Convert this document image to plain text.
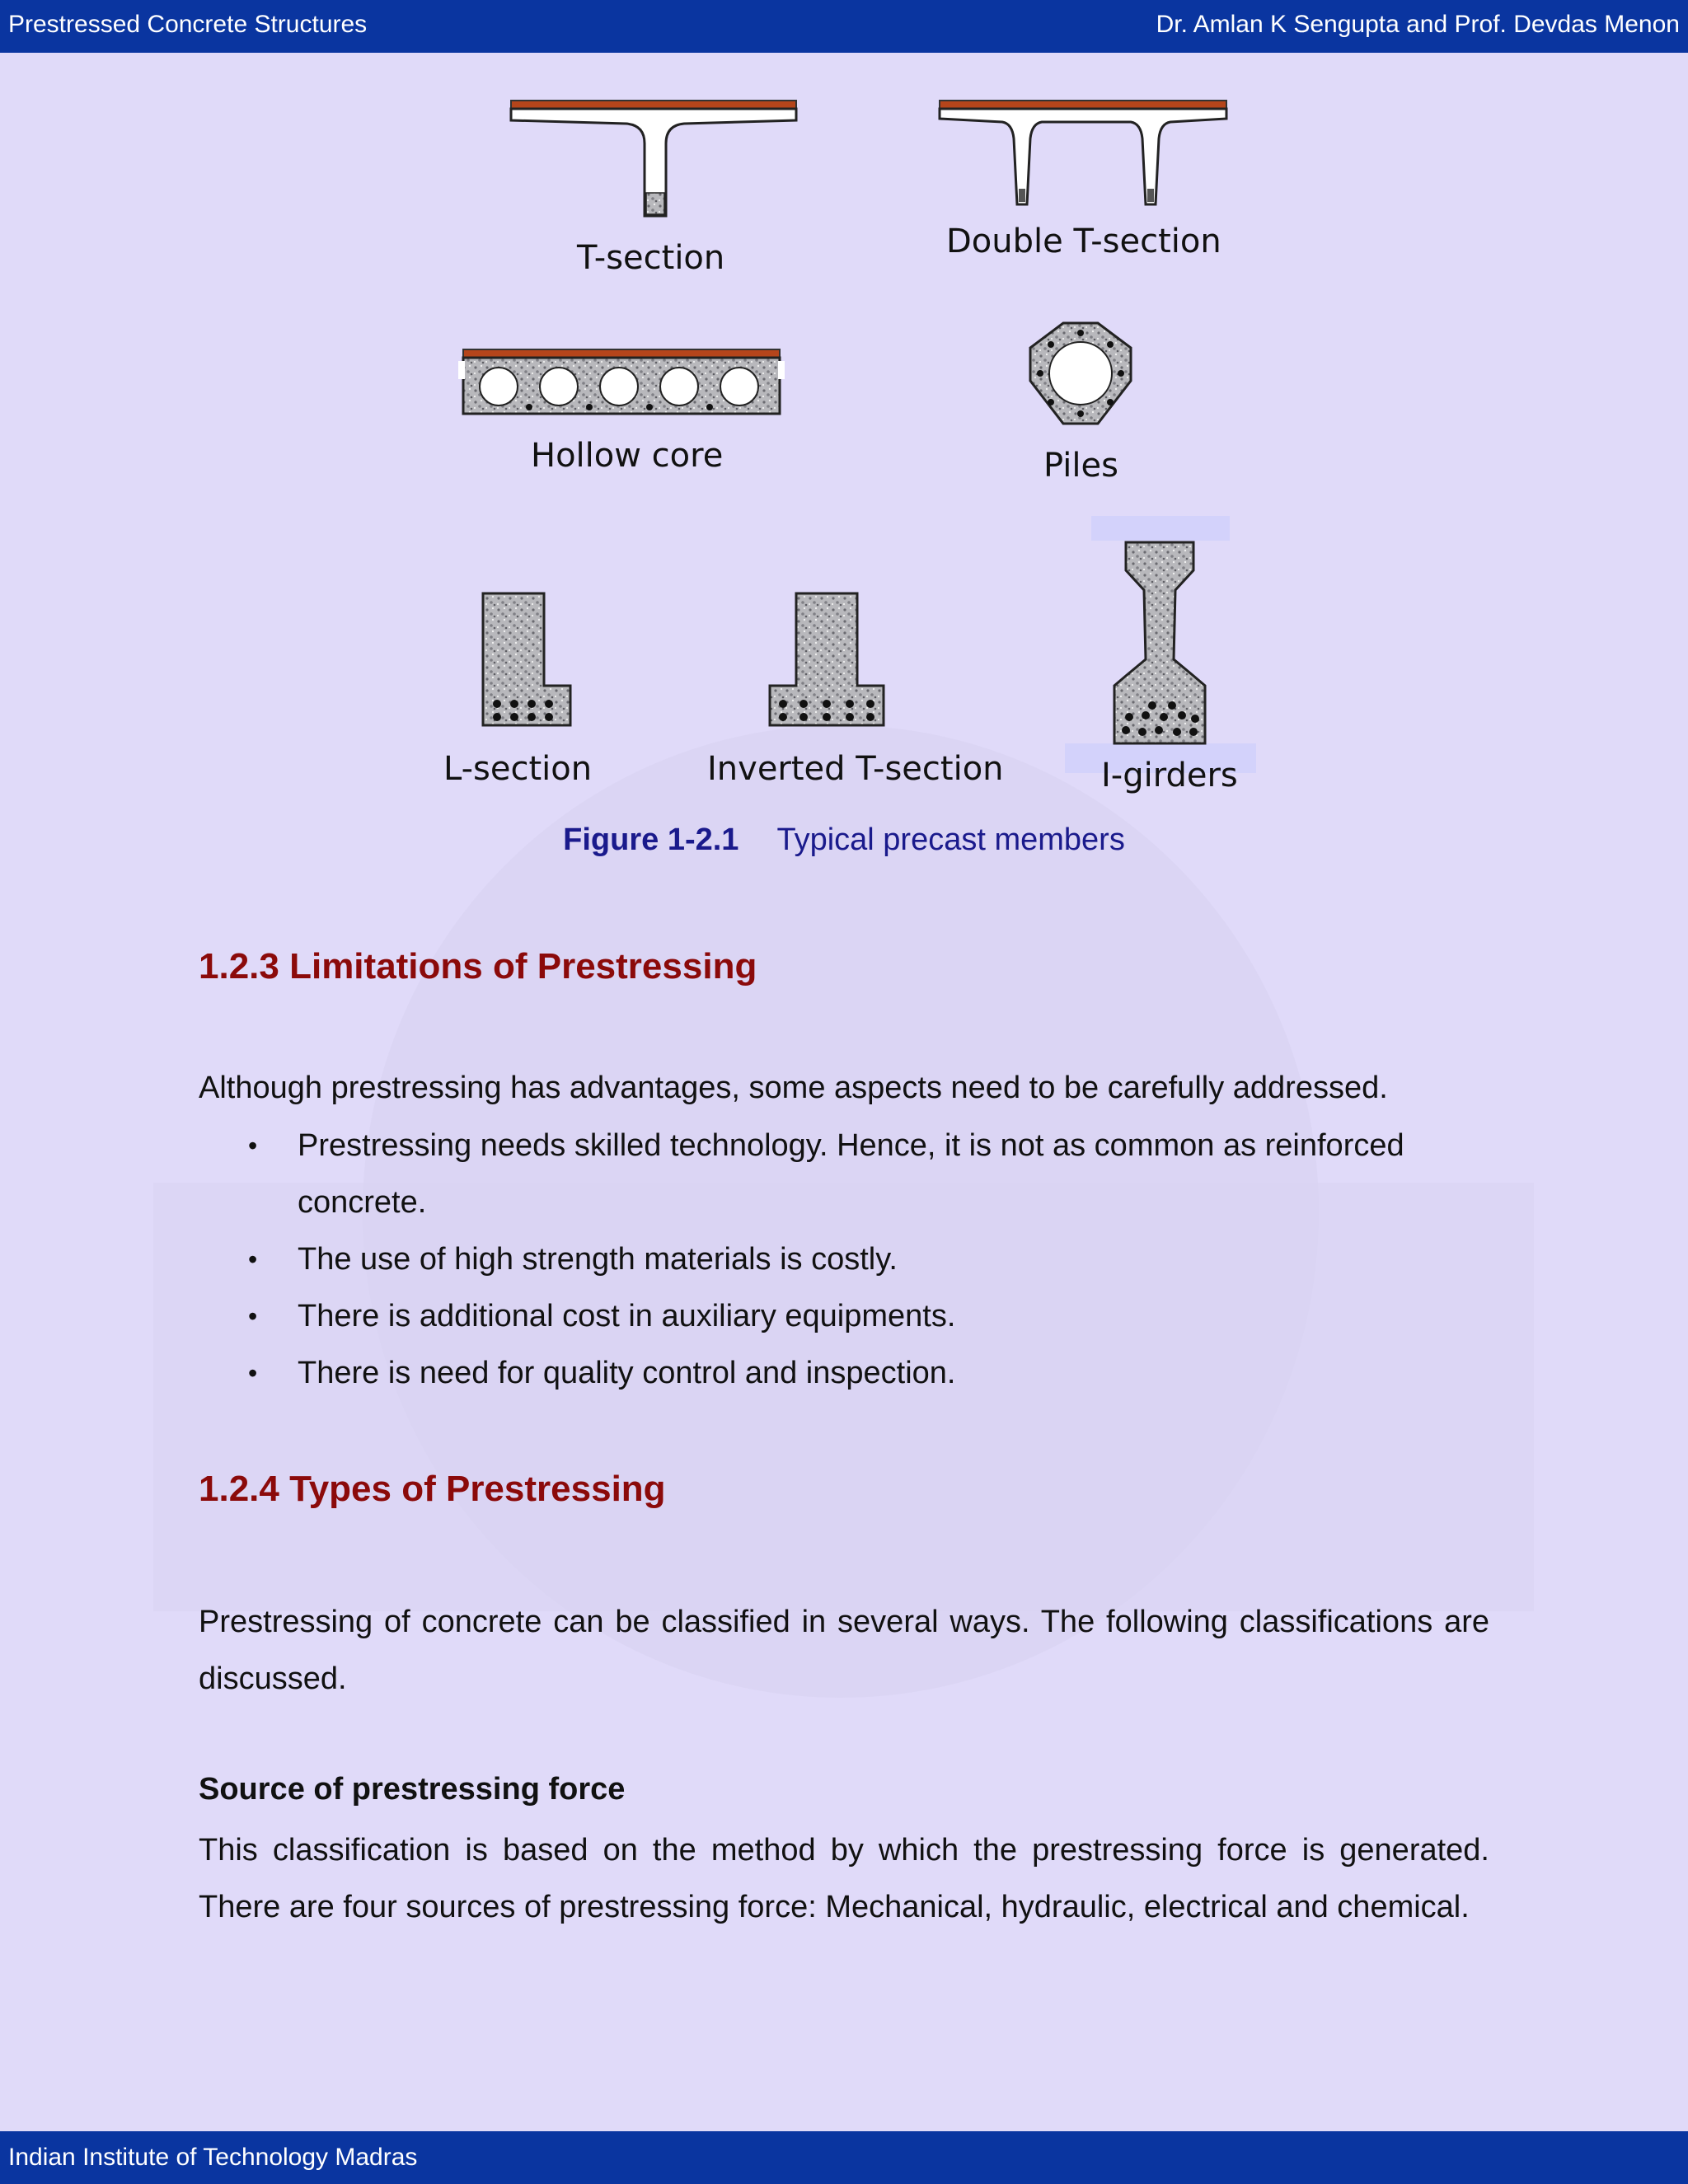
Prestressed Concrete Structures	Dr. Amlan K Sengupta and Prof. Devdas Menon
T-section	Double T-section
Hollow core	Piles
L-section	Inverted T-section	I-girders
Figure 1-2.1 Typical precast members
1.2.3 Limitations of Prestressing

Although prestressing has advantages, some aspects need to be carefully addressed.

• Prestressing needs skilled technology. Hence, it is not as common as reinforced concrete.
• The use of high strength materials is costly.
• There is additional cost in auxiliary equipments.
• There is need for quality control and inspection.
1.2.4 Types of Prestressing

Prestressing of concrete can be classified in several ways. The following classifications are discussed.

Source of prestressing force

This classification is based on the method by which the prestressing force is generated. There are four sources of prestressing force: Mechanical, hydraulic, electrical and chemical.

Indian Institute of Technology Madras
